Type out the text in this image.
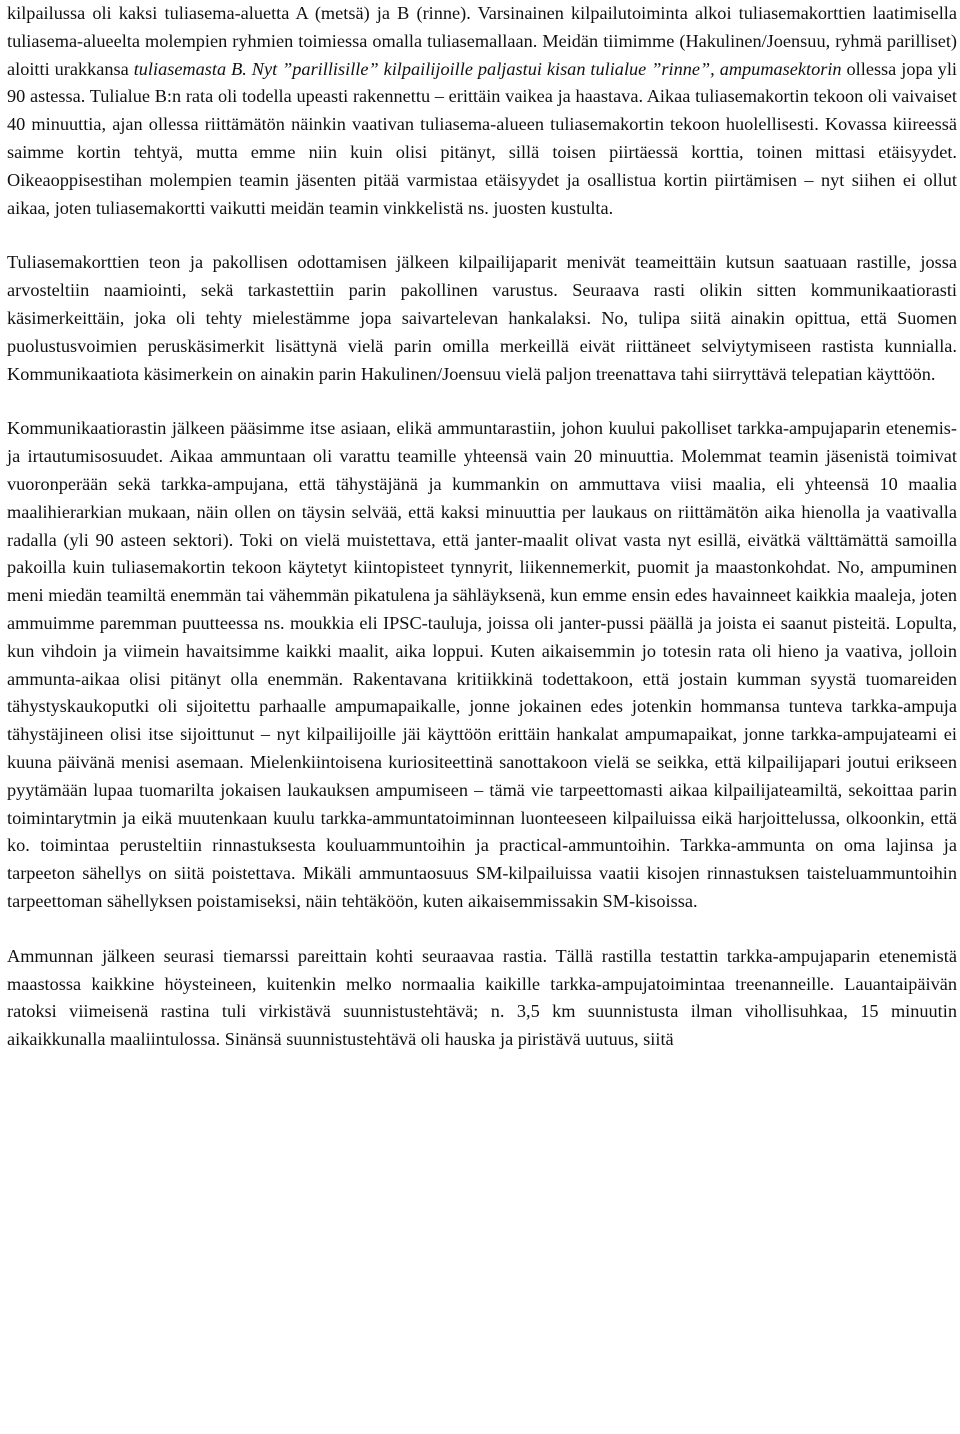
kilpailussa oli kaksi tuliasema-aluetta A (metsä) ja B (rinne). Varsinainen kilpailutoiminta alkoi tuliasemakorttien laatimisella tuliasema-alueelta molempien ryhmien toimiessa omalla tuliasemallaan. Meidän tiimimme (Hakulinen/Joensuu, ryhmä parilliset) aloitti urakkansa tuliasemasta B. Nyt ”parillisille” kilpailijoille paljastui kisan tulialue ”rinne”, ampumasektorin ollessa jopa yli 90 astessa. Tulialue B:n rata oli todella upeasti rakennettu – erittäin vaikea ja haastava. Aikaa tuliasemakortin tekoon oli vaivaiset 40 minuuttia, ajan ollessa riittämätön näinkin vaativan tuliasema-alueen tuliasemakortin tekoon huolellisesti. Kovassa kiireessä saimme kortin tehtyä, mutta emme niin kuin olisi pitänyt, sillä toisen piirtäessä korttia, toinen mittasi etäisyydet. Oikeaoppisestihan molempien teamin jäsenten pitää varmistaa etäisyydet ja osallistua kortin piirtämisen – nyt siihen ei ollut aikaa, joten tuliasemakortti vaikutti meidän teamin vinkkelistä ns. juosten kustulta.

Tuliasemakorttien teon ja pakollisen odottamisen jälkeen kilpailijaparit menivät teameittäin kutsun saatuaan rastille, jossa arvosteltiin naamiointi, sekä tarkastettiin parin pakollinen varustus. Seuraava rasti olikin sitten kommunikaatiorasti käsimerkeittäin, joka oli tehty mielestämme jopa saivartelevan hankalaksi. No, tulipa siitä ainakin opittua, että Suomen puolustusvoimien peruskäsimerkit lisättynä vielä parin omilla merkeillä eivät riittäneet selviytymiseen rastista kunnialla. Kommunikaatiota käsimerkein on ainakin parin Hakulinen/Joensuu vielä paljon treenattava tahi siirryttävä telepatian käyttöön.

Kommunikaatiorastin jälkeen pääsimme itse asiaan, elikä ammuntarastiin, johon kuului pakolliset tarkka-ampujaparin etenemis- ja irtautumisosuudet. Aikaa ammuntaan oli varattu teamille yhteensä vain 20 minuuttia. Molemmat teamin jäsenistä toimivat vuoronperään sekä tarkka-ampujana, että tähystäjänä ja kummankin on ammuttava viisi maalia, eli yhteensä 10 maalia maalihierarkian mukaan, näin ollen on täysin selvää, että kaksi minuuttia per laukaus on riittämätön aika hienolla ja vaativalla radalla (yli 90 asteen sektori). Toki on vielä muistettava, että janter-maalit olivat vasta nyt esillä, eivätkä välttämättä samoilla pakoilla kuin tuliasemakortin tekoon käytetyt kiintopisteet tynnyrit, liikennemerkit, puomit ja maastonkohdat. No, ampuminen meni miedän teamiltä enemmän tai vähemmän pikatulena ja sähläyksenä, kun emme ensin edes havainneet kaikkia maaleja, joten ammuimme paremman puutteessa ns. moukkia eli IPSC-tauluja, joissa oli janter-pussi päällä ja joista ei saanut pisteitä. Lopulta, kun vihdoin ja viimein havaitsimme kaikki maalit, aika loppui. Kuten aikaisemmin jo totesin rata oli hieno ja vaativa, jolloin ammunta-aikaa olisi pitänyt olla enemmän. Rakentavana kritiikkinä todettakoon, että jostain kumman syystä tuomareiden tähystyskaukoputki oli sijoitettu parhaalle ampumapaikalle, jonne jokainen edes jotenkin hommansa tunteva tarkka-ampuja tähystäjineen olisi itse sijoittunut – nyt kilpailijoille jäi käyttöön erittäin hankalat ampumapaikat, jonne tarkka-ampujateami ei kuuna päivänä menisi asemaan. Mielenkiintoisena kuriositeettinä sanottakoon vielä se seikka, että kilpailijapari joutui erikseen pyytämään lupaa tuomarilta jokaisen laukauksen ampumiseen – tämä vie tarpeettomasti aikaa kilpailijateamiltä, sekoittaa parin toimintarytmin ja eikä muutenkaan kuulu tarkka-ammuntatoiminnan luonteeseen kilpailuissa eikä harjoittelussa, olkoonkin, että ko. toimintaa perusteltiin rinnastuksesta kouluammuntoihin ja practical-ammuntoihin. Tarkka-ammunta on oma lajinsa ja tarpeeton sähellys on siitä poistettava. Mikäli ammuntaosuus SM-kilpailuissa vaatii kisojen rinnastuksen taisteluammuntoihin tarpeettoman sähellyksen poistamiseksi, näin tehtäköön, kuten aikaisemmissakin SM-kisoissa.

Ammunnan jälkeen seurasi tiemarssi pareittain kohti seuraavaa rastia. Tällä rastilla testattin tarkka-ampujaparin etenemistä maastossa kaikkine höysteineen, kuitenkin melko normaalia kaikille tarkka-ampujatoimintaa treenanneille. Lauantaipäivän ratoksi viimeisenä rastina tuli virkistävä suunnistustehtävä; n. 3,5 km suunnistusta ilman vihollisuhkaa, 15 minuutin aikaikkunalla maaliintulossa. Sinänsä suunnistustehtävä oli hauska ja piristävä uutuus, siitä
